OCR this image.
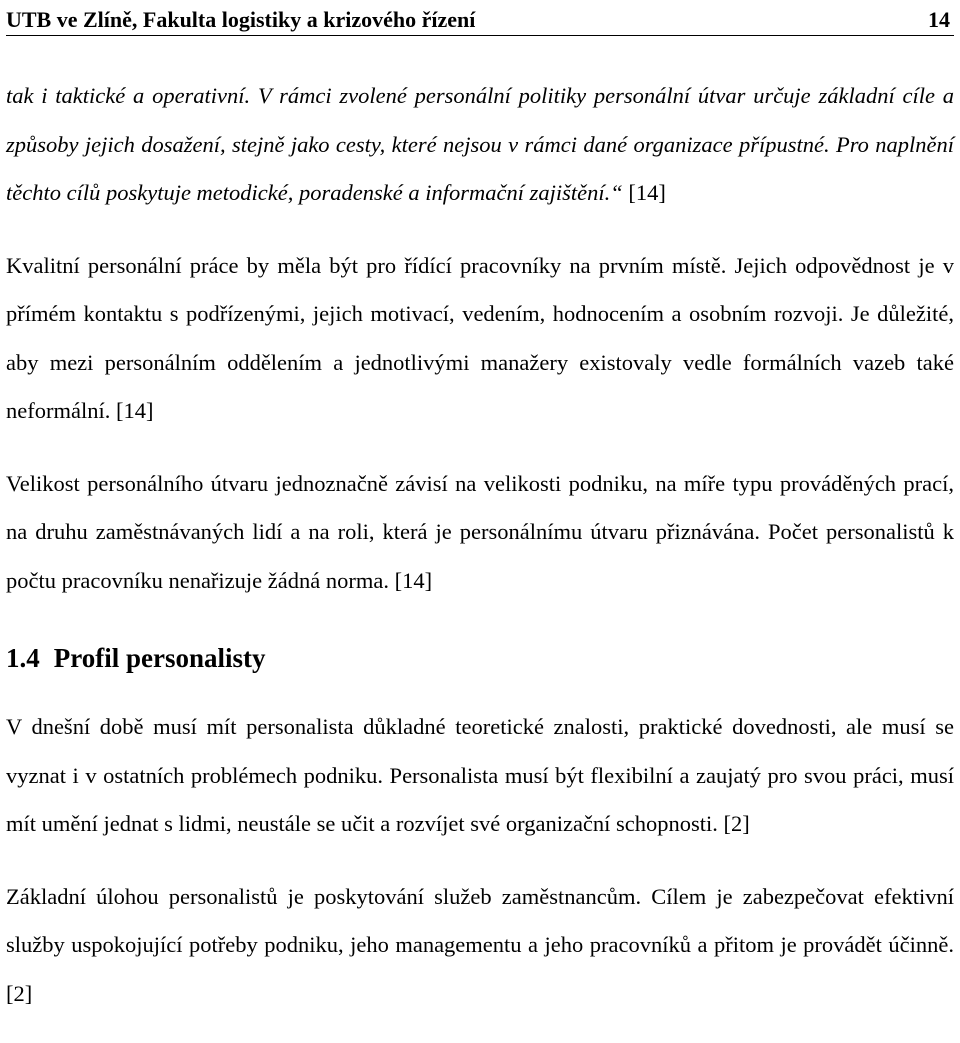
UTB ve Zlíně, Fakulta logistiky a krizového řízení	14

tak i taktické a operativní. V rámci zvolené personální politiky personální útvar určuje základní cíle a způsoby jejich dosažení, stejně jako cesty, které nejsou v rámci dané organizace přípustné. Pro naplnění těchto cílů poskytuje metodické, poradenské a informační zajištění.“ [14]

Kvalitní personální práce by měla být pro řídící pracovníky na prvním místě. Jejich odpovědnost je v přímém kontaktu s podřízenými, jejich motivací, vedením, hodnocením a osobním rozvoji. Je důležité, aby mezi personálním oddělením a jednotlivými manažery existovaly vedle formálních vazeb také neformální. [14]

Velikost personálního útvaru jednoznačně závisí na velikosti podniku, na míře typu prováděných prací, na druhu zaměstnávaných lidí a na roli, která je personálnímu útvaru přiznávána. Počet personalistů k počtu pracovníku nenařizuje žádná norma. [14]

1.4 Profil personalisty

V dnešní době musí mít personalista důkladné teoretické znalosti, praktické dovednosti, ale musí se vyznat i v ostatních problémech podniku. Personalista musí být flexibilní a zaujatý pro svou práci, musí mít umění jednat s lidmi, neustále se učit a rozvíjet své organizační schopnosti. [2]

Základní úlohou personalistů je poskytování služeb zaměstnancům. Cílem je zabezpečovat efektivní služby uspokojující potřeby podniku, jeho managementu a jeho pracovníků a přitom je provádět účinně. [2]
